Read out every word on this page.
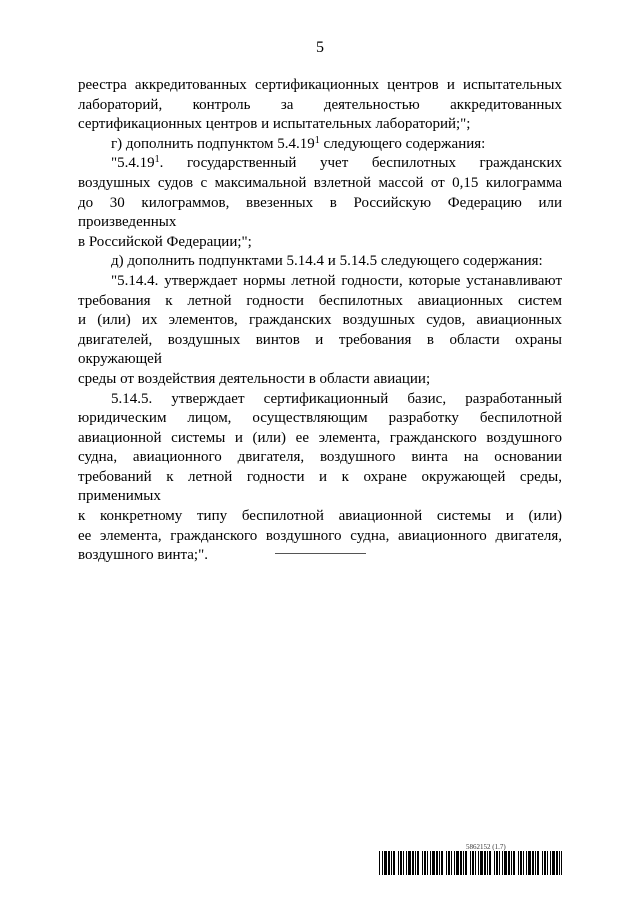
5

реестра аккредитованных сертификационных центров и испытательных
лабораторий, контроль за деятельностью аккредитованных
сертификационных центров и испытательных лабораторий;";

г) дополнить подпунктом 5.4.19$^1$ следующего содержания:

"5.4.19$^1$. государственный учет беспилотных гражданских
воздушных судов с максимальной взлетной массой от 0,15 килограмма
до 30 килограммов, ввезенных в Российскую Федерацию или произведенных
в Российской Федерации;";

д) дополнить подпунктами 5.14.4 и 5.14.5 следующего содержания:

"5.14.4. утверждает нормы летной годности, которые устанавливают
требования к летной годности беспилотных авиационных систем
и (или) их элементов, гражданских воздушных судов, авиационных
двигателей, воздушных винтов и требования в области охраны окружающей
среды от воздействия деятельности в области авиации;

5.14.5. утверждает сертификационный базис, разработанный
юридическим лицом, осуществляющим разработку беспилотной
авиационной системы и (или) ее элемента, гражданского воздушного
судна, авиационного двигателя, воздушного винта на основании
требований к летной годности и к охране окружающей среды, применимых
к конкретному типу беспилотной авиационной системы и (или)
ее элемента, гражданского воздушного судна, авиационного двигателя,
воздушного винта;".

5862152 (1.7)
